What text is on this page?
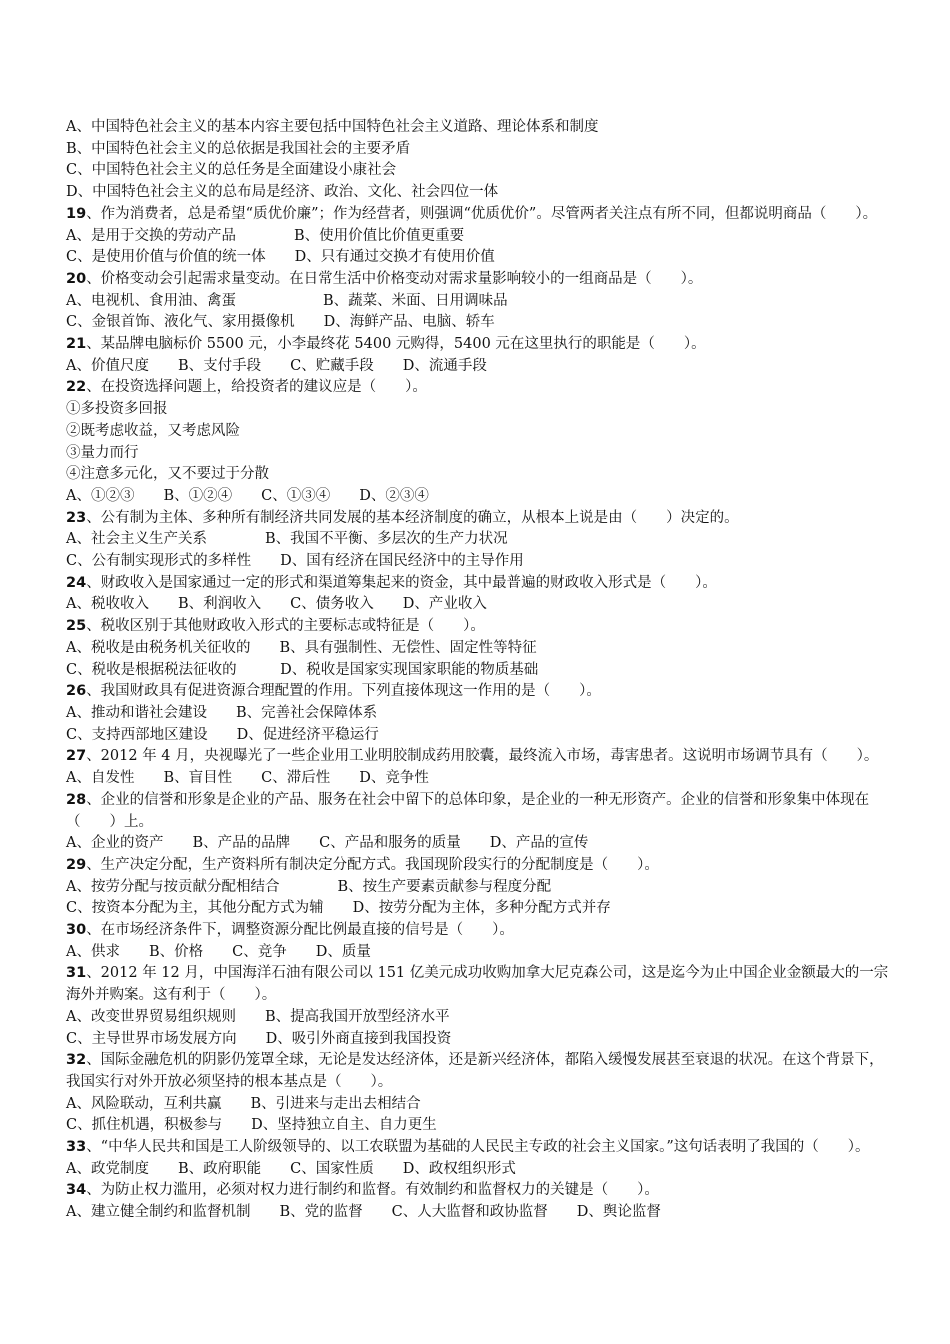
A、中国特色社会主义的基本内容主要包括中国特色社会主义道路、理论体系和制度

B、中国特色社会主义的总依据是我国社会的主要矛盾

C、中国特色社会主义的总任务是全面建设小康社会

D、中国特色社会主义的总布局是经济、政治、文化、社会四位一体

19、作为消费者，总是希望“质优价廉”；作为经营者，则强调“优质优价”。尽管两者关注点有所不同，但都说明商品（　　）。

A、是用于交换的劳动产品　　　　B、使用价值比价值更重要

C、是使用价值与价值的统一体　　D、只有通过交换才有使用价值

20、价格变动会引起需求量变动。在日常生活中价格变动对需求量影响较小的一组商品是（　　）。

A、电视机、食用油、禽蛋　　　　　　B、蔬菜、米面、日用调味品

C、金银首饰、液化气、家用摄像机　　D、海鲜产品、电脑、轿车

21、某品牌电脑标价 5500 元，小李最终花 5400 元购得，5400 元在这里执行的职能是（　　）。

A、价值尺度　　B、支付手段　　C、贮藏手段　　D、流通手段

22、在投资选择问题上，给投资者的建议应是（　　）。

①多投资多回报

②既考虑收益，又考虑风险

③量力而行

④注意多元化，又不要过于分散

A、①②③　　B、①②④　　C、①③④　　D、②③④

23、公有制为主体、多种所有制经济共同发展的基本经济制度的确立，从根本上说是由（　　）决定的。

A、社会主义生产关系　　　　B、我国不平衡、多层次的生产力状况

C、公有制实现形式的多样性　　D、国有经济在国民经济中的主导作用

24、财政收入是国家通过一定的形式和渠道筹集起来的资金，其中最普遍的财政收入形式是（　　）。

A、税收收入　　B、利润收入　　C、债务收入　　D、产业收入

25、税收区别于其他财政收入形式的主要标志或特征是（　　）。

A、税收是由税务机关征收的　　B、具有强制性、无偿性、固定性等特征

C、税收是根据税法征收的　　　D、税收是国家实现国家职能的物质基础

26、我国财政具有促进资源合理配置的作用。下列直接体现这一作用的是（　　）。

A、推动和谐社会建设　　B、完善社会保障体系

C、支持西部地区建设　　D、促进经济平稳运行

27、2012 年 4 月，央视曝光了一些企业用工业明胶制成药用胶囊，最终流入市场，毒害患者。这说明市场调节具有（　　）。

A、自发性　　B、盲目性　　C、滞后性　　D、竞争性

28、企业的信誉和形象是企业的产品、服务在社会中留下的总体印象，是企业的一种无形资产。企业的信誉和形象集中体现在（　　）上。

A、企业的资产　　B、产品的品牌　　C、产品和服务的质量　　D、产品的宣传

29、生产决定分配，生产资料所有制决定分配方式。我国现阶段实行的分配制度是（　　）。

A、按劳分配与按贡献分配相结合　　　　B、按生产要素贡献参与程度分配

C、按资本分配为主，其他分配方式为辅　　D、按劳分配为主体，多种分配方式并存

30、在市场经济条件下，调整资源分配比例最直接的信号是（　　）。

A、供求　　B、价格　　C、竞争　　D、质量

31、2012 年 12 月，中国海洋石油有限公司以 151 亿美元成功收购加拿大尼克森公司，这是迄今为止中国企业金额最大的一宗海外并购案。这有利于（　　）。

A、改变世界贸易组织规则　　B、提高我国开放型经济水平

C、主导世界市场发展方向　　D、吸引外商直接到我国投资

32、国际金融危机的阴影仍笼罩全球，无论是发达经济体，还是新兴经济体，都陷入缓慢发展甚至衰退的状况。在这个背景下，我国实行对外开放必须坚持的根本基点是（　　）。

A、风险联动，互利共赢　　B、引进来与走出去相结合

C、抓住机遇，积极参与　　D、坚持独立自主、自力更生

33、“中华人民共和国是工人阶级领导的、以工农联盟为基础的人民民主专政的社会主义国家。”这句话表明了我国的（　　）。

A、政党制度　　B、政府职能　　C、国家性质　　D、政权组织形式

34、为防止权力滥用，必须对权力进行制约和监督。有效制约和监督权力的关键是（　　）。

A、建立健全制约和监督机制　　B、党的监督　　C、人大监督和政协监督　　D、舆论监督
